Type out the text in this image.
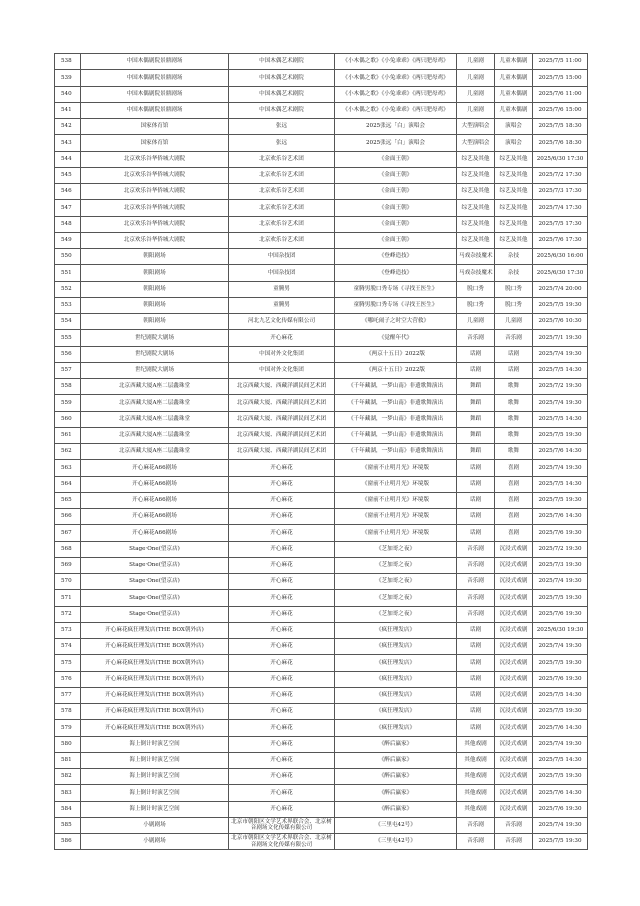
538	中国木偶剧院景鼎剧场	中国木偶艺术剧院	《小木偶之歌》《小兔乖乖》《两只肥母鸡》	儿童剧	儿童木偶剧	2025/7/5 11:00
539	中国木偶剧院景鼎剧场	中国木偶艺术剧院	《小木偶之歌》《小兔乖乖》《两只肥母鸡》	儿童剧	儿童木偶剧	2025/7/5 15:00
540	中国木偶剧院景鼎剧场	中国木偶艺术剧院	《小木偶之歌》《小兔乖乖》《两只肥母鸡》	儿童剧	儿童木偶剧	2025/7/6 11:00
541	中国木偶剧院景鼎剧场	中国木偶艺术剧院	《小木偶之歌》《小兔乖乖》《两只肥母鸡》	儿童剧	儿童木偶剧	2025/7/6 15:00
542	国家体育馆	张远	2025张远「白」演唱会	大型演唱会	演唱会	2025/7/5 18:30
543	国家体育馆	张远	2025张远「白」演唱会	大型演唱会	演唱会	2025/7/6 18:30
544	北京欢乐谷华侨城大剧院	北京欢乐谷艺术团	《金面王朝》	综艺及其他	综艺及其他	2025/6/30 17:30
545	北京欢乐谷华侨城大剧院	北京欢乐谷艺术团	《金面王朝》	综艺及其他	综艺及其他	2025/7/2 17:30
546	北京欢乐谷华侨城大剧院	北京欢乐谷艺术团	《金面王朝》	综艺及其他	综艺及其他	2025/7/3 17:30
547	北京欢乐谷华侨城大剧院	北京欢乐谷艺术团	《金面王朝》	综艺及其他	综艺及其他	2025/7/4 17:30
548	北京欢乐谷华侨城大剧院	北京欢乐谷艺术团	《金面王朝》	综艺及其他	综艺及其他	2025/7/5 17:30
549	北京欢乐谷华侨城大剧院	北京欢乐谷艺术团	《金面王朝》	综艺及其他	综艺及其他	2025/7/6 17:30
550	朝阳剧场	中国杂技团	《登峰造技》	马戏杂技魔术	杂技	2025/6/30 16:00
551	朝阳剧场	中国杂技团	《登峰造技》	马戏杂技魔术	杂技	2025/6/30 17:30
552	朝阳剧场	童腾男	童腾男脱口秀专场《寻找王医生》	脱口秀	脱口秀	2025/7/4 20:00
553	朝阳剧场	童腾男	童腾男脱口秀专场《寻找王医生》	脱口秀	脱口秀	2025/7/5 19:30
554	朝阳剧场	河北九艺文化传媒有限公司	《哪吒闹子之时空大营救》	儿童剧	儿童剧	2025/7/6 10:30
555	世纪剧院大剧场	开心麻花	《觉醒年代》	音乐剧	音乐剧	2025/7/1 19:30
556	世纪剧院大剧场	中国对外文化集团	《两京十五日》2022版	话剧	话剧	2025/7/4 19:30
557	世纪剧院大剧场	中国对外文化集团	《两京十五日》2022版	话剧	话剧	2025/7/5 14:30
558	北京西藏大厦A座二层鑫珠堂	北京西藏大厦、西藏洋湖民间艺术团	《千年藏湖，一梦山南》非遗歌舞演出	舞蹈	歌舞	2025/7/2 19:30
559	北京西藏大厦A座二层鑫珠堂	北京西藏大厦、西藏洋湖民间艺术团	《千年藏湖，一梦山南》非遗歌舞演出	舞蹈	歌舞	2025/7/4 19:30
560	北京西藏大厦A座二层鑫珠堂	北京西藏大厦、西藏洋湖民间艺术团	《千年藏湖，一梦山南》非遗歌舞演出	舞蹈	歌舞	2025/7/5 14:30
561	北京西藏大厦A座二层鑫珠堂	北京西藏大厦、西藏洋湖民间艺术团	《千年藏湖，一梦山南》非遗歌舞演出	舞蹈	歌舞	2025/7/5 19:30
562	北京西藏大厦A座二层鑫珠堂	北京西藏大厦、西藏洋湖民间艺术团	《千年藏湖，一梦山南》非遗歌舞演出	舞蹈	歌舞	2025/7/6 14:30
563	开心麻花A66剧场	开心麻花	《窗前不止明月光》环境版	话剧	喜剧	2025/7/4 19:30
564	开心麻花A66剧场	开心麻花	《窗前不止明月光》环境版	话剧	喜剧	2025/7/5 14:30
565	开心麻花A66剧场	开心麻花	《窗前不止明月光》环境版	话剧	喜剧	2025/7/5 19:30
566	开心麻花A66剧场	开心麻花	《窗前不止明月光》环境版	话剧	喜剧	2025/7/6 14:30
567	开心麻花A66剧场	开心麻花	《窗前不止明月光》环境版	话剧	喜剧	2025/7/6 19:30
568	Stage·One(望京店)	开心麻花	《芝加哥之夜》	音乐剧	沉浸式戏剧	2025/7/2 19:30
569	Stage·One(望京店)	开心麻花	《芝加哥之夜》	音乐剧	沉浸式戏剧	2025/7/3 19:30
570	Stage·One(望京店)	开心麻花	《芝加哥之夜》	音乐剧	沉浸式戏剧	2025/7/4 19:30
571	Stage·One(望京店)	开心麻花	《芝加哥之夜》	音乐剧	沉浸式戏剧	2025/7/5 19:30
572	Stage·One(望京店)	开心麻花	《芝加哥之夜》	音乐剧	沉浸式戏剧	2025/7/6 19:30
573	开心麻花疯狂理发店(THE BOX朝外店)	开心麻花	《疯狂理发店》	话剧	沉浸式戏剧	2025/6/30 19:30
574	开心麻花疯狂理发店(THE BOX朝外店)	开心麻花	《疯狂理发店》	话剧	沉浸式戏剧	2025/7/4 19:30
575	开心麻花疯狂理发店(THE BOX朝外店)	开心麻花	《疯狂理发店》	话剧	沉浸式戏剧	2025/7/5 19:30
576	开心麻花疯狂理发店(THE BOX朝外店)	开心麻花	《疯狂理发店》	话剧	沉浸式戏剧	2025/7/6 19:30
577	开心麻花疯狂理发店(THE BOX朝外店)	开心麻花	《疯狂理发店》	话剧	沉浸式戏剧	2025/7/5 14:30
578	开心麻花疯狂理发店(THE BOX朝外店)	开心麻花	《疯狂理发店》	话剧	沉浸式戏剧	2025/7/5 19:30
579	开心麻花疯狂理发店(THE BOX朝外店)	开心麻花	《疯狂理发店》	话剧	沉浸式戏剧	2025/7/6 14:30
580	海上倒计时演艺空间	开心麻花	《醉后赢家》	其他戏剧	沉浸式戏剧	2025/7/4 19:30
581	海上倒计时演艺空间	开心麻花	《醉后赢家》	其他戏剧	沉浸式戏剧	2025/7/5 14:30
582	海上倒计时演艺空间	开心麻花	《醉后赢家》	其他戏剧	沉浸式戏剧	2025/7/5 19:30
583	海上倒计时演艺空间	开心麻花	《醉后赢家》	其他戏剧	沉浸式戏剧	2025/7/6 14:30
584	海上倒计时演艺空间	开心麻花	《醉后赢家》	其他戏剧	沉浸式戏剧	2025/7/6 19:30
585	小剧剧场	北京市朝阳区文学艺术界联合会、北京树音剧场文化传媒有限公司	《三里屯42号》	音乐剧	音乐剧	2025/7/4 19:30
586	小剧剧场	北京市朝阳区文学艺术界联合会、北京树音剧场文化传媒有限公司	《三里屯42号》	音乐剧	音乐剧	2025/7/5 19:30
